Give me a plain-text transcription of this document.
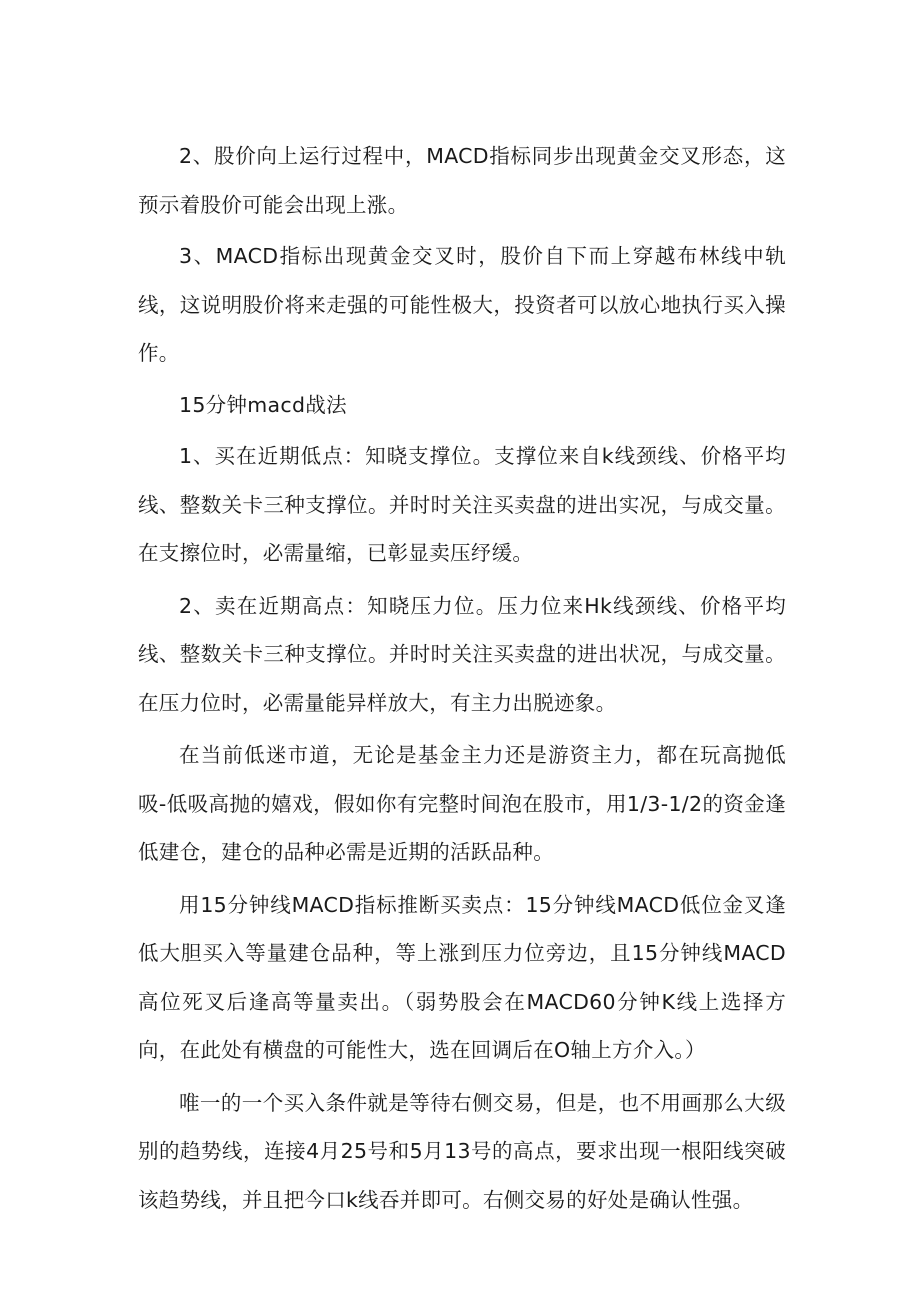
2、股价向上运行过程中，MACD指标同步出现黄金交叉形态，这预示着股价可能会出现上涨。

3、MACD指标出现黄金交叉时，股价自下而上穿越布林线中轨线，这说明股价将来走强的可能性极大，投资者可以放心地执行买入操作。

15分钟macd战法

1、买在近期低点：知晓支撑位。支撑位来自k线颈线、价格平均线、整数关卡三种支撑位。并时时关注买卖盘的进出实况，与成交量。在支擦位时，必需量缩，已彰显卖压纾缓。

2、卖在近期高点：知晓压力位。压力位来Hk线颈线、价格平均线、整数关卡三种支撑位。并时时关注买卖盘的进出状况，与成交量。在压力位时，必需量能异样放大，有主力出脱迹象。

在当前低迷市道，无论是基金主力还是游资主力，都在玩高抛低吸-低吸高抛的嬉戏，假如你有完整时间泡在股市，用1/3-1/2的资金逢低建仓，建仓的品种必需是近期的活跃品种。

用15分钟线MACD指标推断买卖点：15分钟线MACD低位金叉逢低大胆买入等量建仓品种，等上涨到压力位旁边，且15分钟线MACD高位死叉后逢高等量卖出。（弱势股会在MACD60分钟K线上选择方向，在此处有横盘的可能性大，选在回调后在O轴上方介入。）

唯一的一个买入条件就是等待右侧交易，但是，也不用画那么大级别的趋势线，连接4月25号和5月13号的高点，要求出现一根阳线突破该趋势线，并且把今口k线吞并即可。右侧交易的好处是确认性强。
